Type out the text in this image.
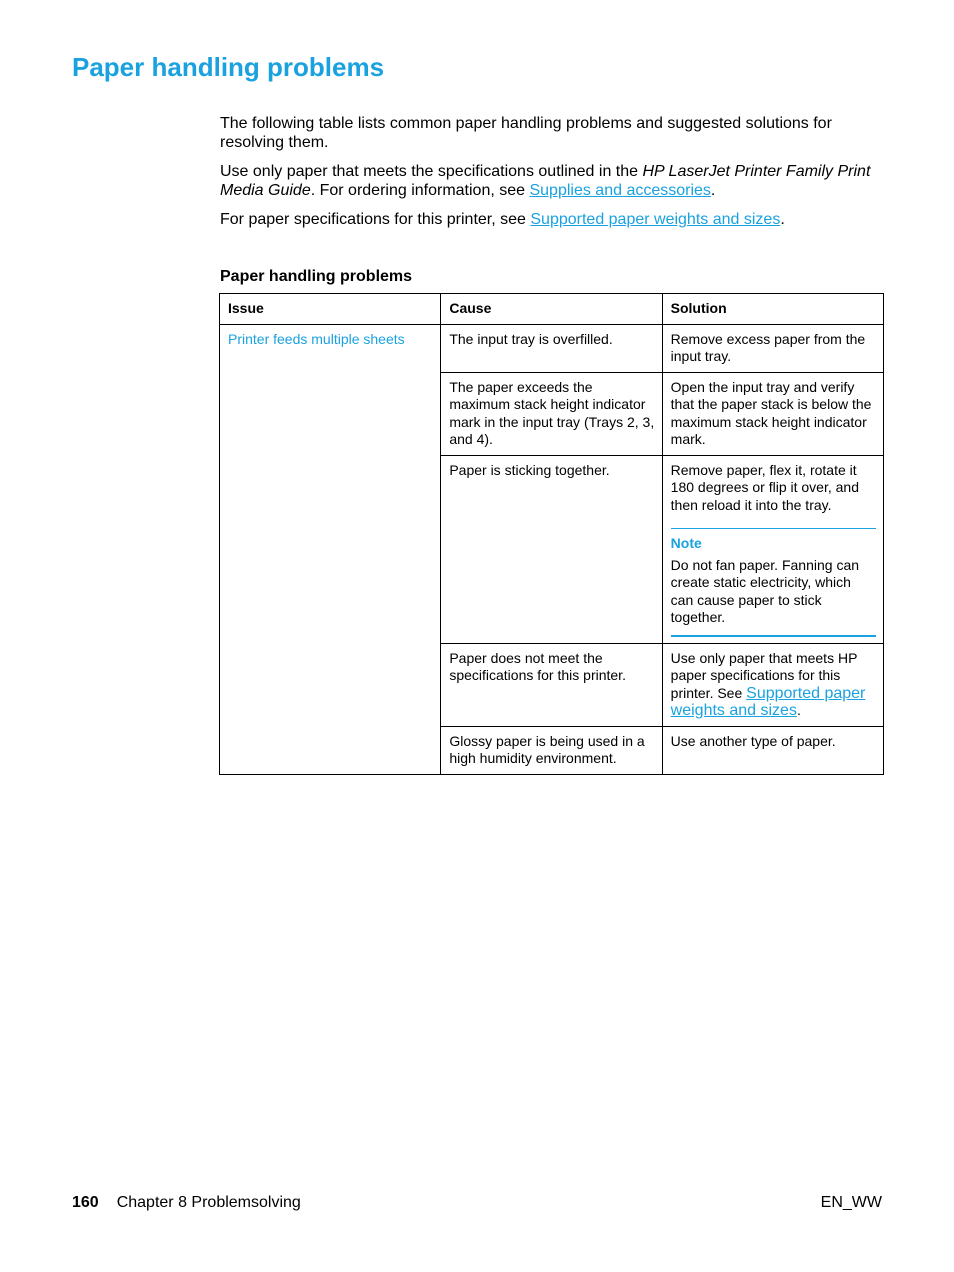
Paper handling problems
The following table lists common paper handling problems and suggested solutions for resolving them.
Use only paper that meets the specifications outlined in the HP LaserJet Printer Family Print Media Guide. For ordering information, see Supplies and accessories.
For paper specifications for this printer, see Supported paper weights and sizes.
Paper handling problems
Issue	Cause	Solution
Printer feeds multiple sheets	The input tray is overfilled.	Remove excess paper from the input tray.
	The paper exceeds the maximum stack height indicator mark in the input tray (Trays 2, 3, and 4).	Open the input tray and verify that the paper stack is below the maximum stack height indicator mark.
	Paper is sticking together.	Remove paper, flex it, rotate it 180 degrees or flip it over, and then reload it into the tray.
Note
Do not fan paper. Fanning can create static electricity, which can cause paper to stick together.

	Paper does not meet the specifications for this printer.	Use only paper that meets HP paper specifications for this printer. See Supported paper weights and sizes.
	Glossy paper is being used in a high humidity environment.	Use another type of paper.
160 Chapter 8 Problemsolving	EN_WW
